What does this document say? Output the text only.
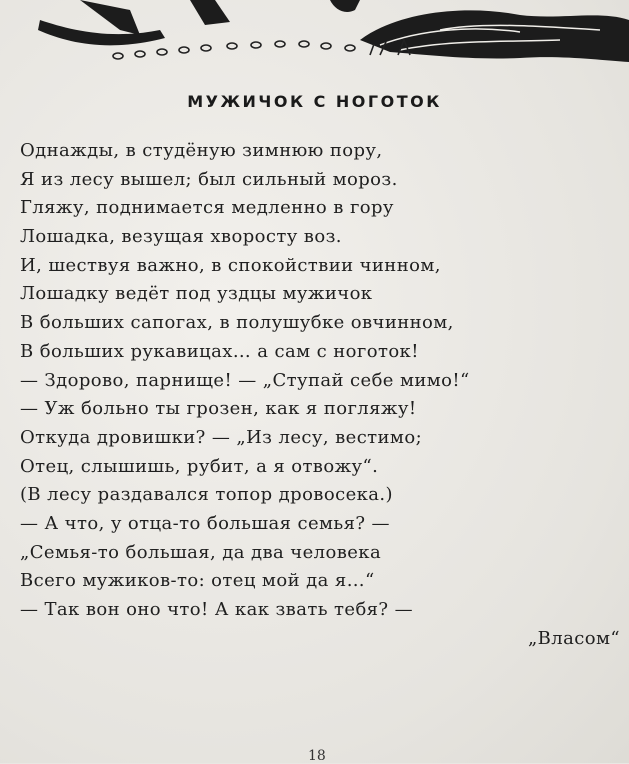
МУЖИЧОК С НОГОТОК
Однажды, в студёную зимнюю пору,
Я из лесу вышел; был сильный мороз.
Гляжу, поднимается медленно в гору
Лошадка, везущая хворосту воз.
И, шествуя важно, в спокойствии чинном,
Лошадку ведёт под уздцы мужичок
В больших сапогах, в полушубке овчинном,
В больших рукавицах… а сам с ноготок!
— Здорово, парнище! — „Ступай себе мимо!“
— Уж больно ты грозен, как я погляжу!
Откуда дровишки? — „Из лесу, вестимо;
Отец, слышишь, рубит, а я отвожу“.
(В лесу раздавался топор дровосека.)
— А что, у отца-то большая семья? —
„Семья-то большая, да два человека
Всего мужиков-то: отец мой да я…“
— Так вон оно что! А как звать тебя? —
„Власом“
18
